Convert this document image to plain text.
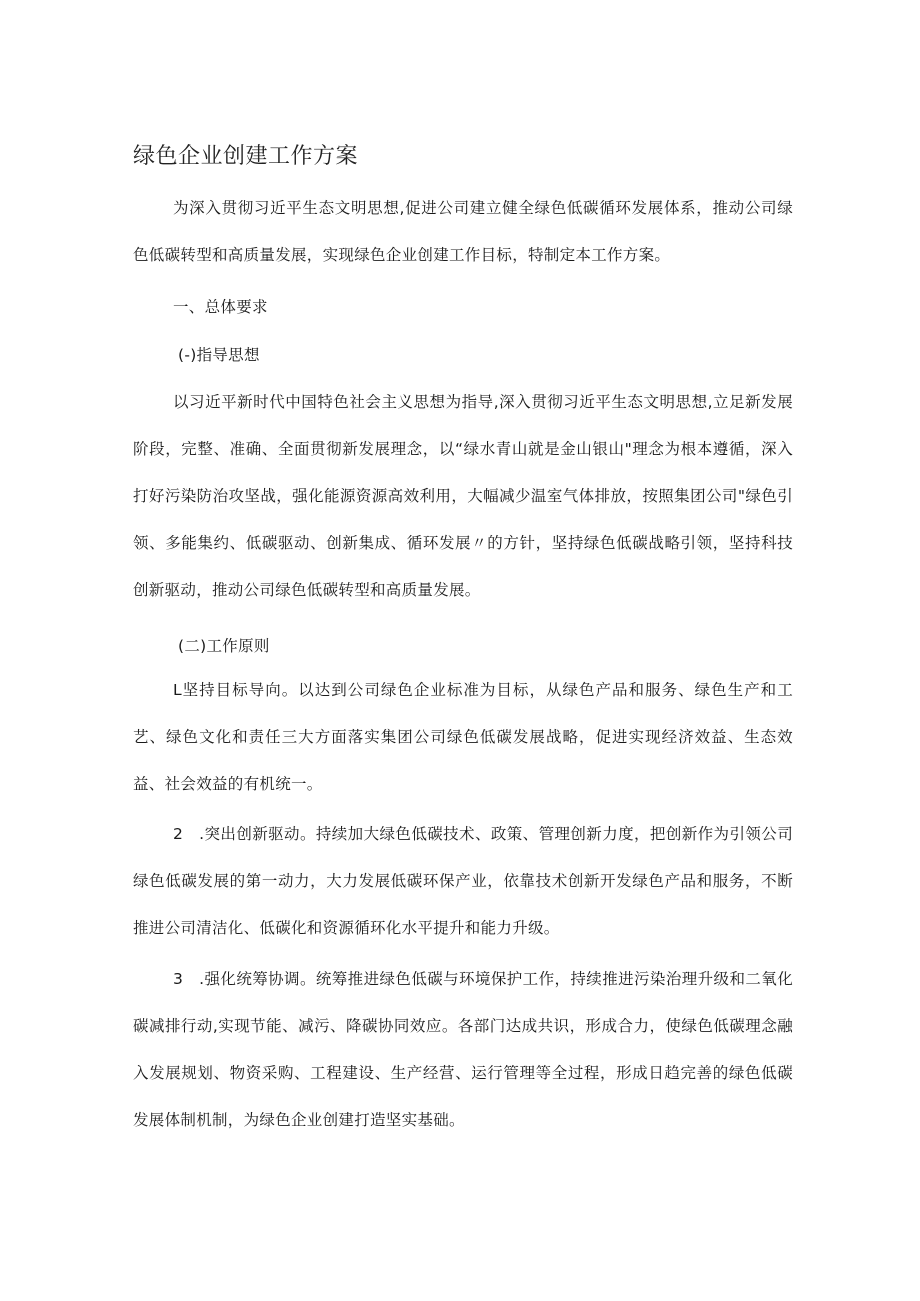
绿色企业创建工作方案

为深入贯彻习近平生态文明思想,促进公司建立健全绿色低碳循环发展体系，推动公司绿色低碳转型和高质量发展，实现绿色企业创建工作目标，特制定本工作方案。

一、总体要求

(-)指导思想

以习近平新时代中国特色社会主义思想为指导,深入贯彻习近平生态文明思想,立足新发展阶段，完整、准确、全面贯彻新发展理念，以“绿水青山就是金山银山"理念为根本遵循，深入打好污染防治攻坚战，强化能源资源高效利用，大幅减少温室气体排放，按照集团公司"绿色引领、多能集约、低碳驱动、创新集成、循环发展〃的方针，坚持绿色低碳战略引领，坚持科技创新驱动，推动公司绿色低碳转型和高质量发展。

(二)工作原则

L坚持目标导向。以达到公司绿色企业标准为目标，从绿色产品和服务、绿色生产和工艺、绿色文化和责任三大方面落实集团公司绿色低碳发展战略，促进实现经济效益、生态效益、社会效益的有机统一。

2　.突出创新驱动。持续加大绿色低碳技术、政策、管理创新力度，把创新作为引领公司绿色低碳发展的第一动力，大力发展低碳环保产业，依靠技术创新开发绿色产品和服务，不断推进公司清洁化、低碳化和资源循环化水平提升和能力升级。

3　.强化统筹协调。统筹推进绿色低碳与环境保护工作，持续推进污染治理升级和二氧化碳减排行动,实现节能、减污、降碳协同效应。各部门达成共识，形成合力，使绿色低碳理念融入发展规划、物资采购、工程建设、生产经营、运行管理等全过程，形成日趋完善的绿色低碳发展体制机制，为绿色企业创建打造坚实基础。
